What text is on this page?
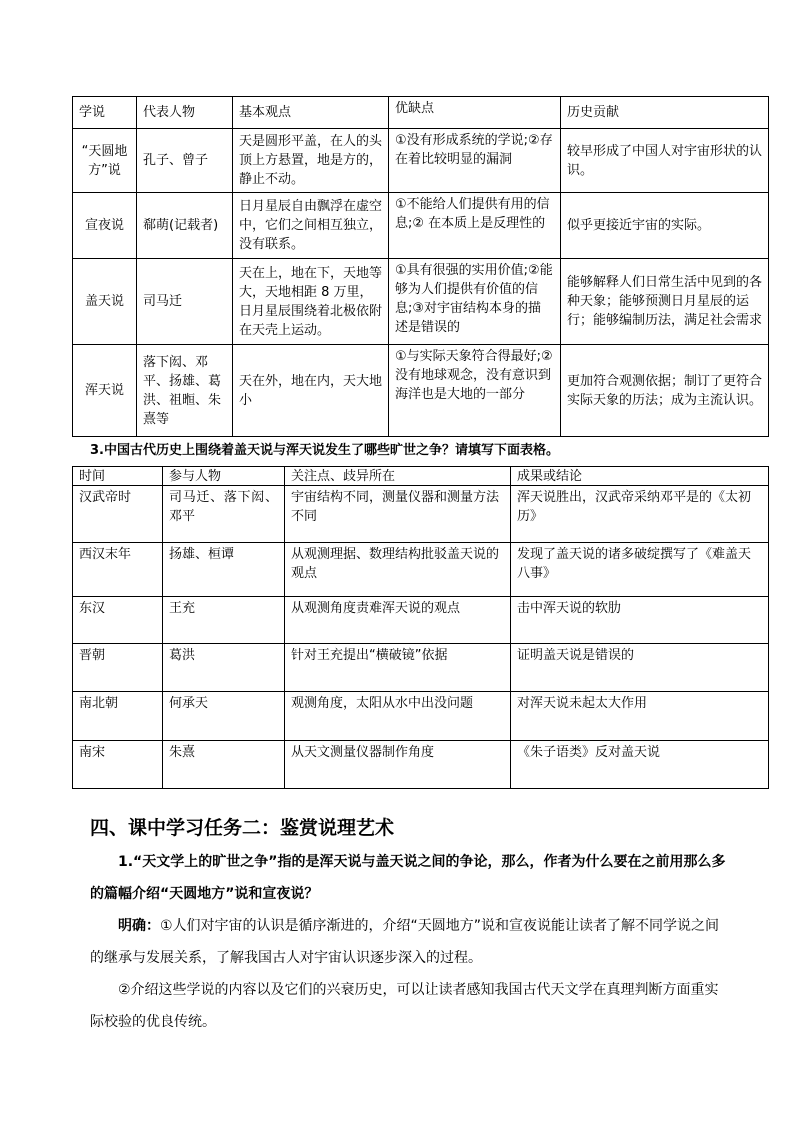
学说	代表人物	基本观点	优缺点	历史贡献
“天圆地方”说	孔子、曾子	天是圆形平盖，在人的头顶上方悬置，地是方的，静止不动。	①没有形成系统的学说;②存在着比较明显的漏洞	较早形成了中国人对宇宙形状的认识。
宣夜说	郗萌(记载者)	日月星辰自由飘浮在虚空中，它们之间相互独立，没有联系。	①不能给人们提供有用的信息;② 在本质上是反理性的	似乎更接近宇宙的实际。
盖天说	司马迁	天在上，地在下，天地等大，天地相距 8 万里，日月星辰围绕着北极依附在天壳上运动。	①具有很强的实用价值;②能够为人们提供有价值的信息;③对宇宙结构本身的描述是错误的	能够解释人们日常生活中见到的各种天象；能够预测日月星辰的运行；能够编制历法，满足社会需求
浑天说	落下闳、邓平、扬雄、葛洪、祖暅、朱熹等	天在外，地在内，天大地小	①与实际天象符合得最好;② 没有地球观念，没有意识到海洋也是大地的一部分	更加符合观测依据；制订了更符合实际天象的历法；成为主流认识。
3.中国古代历史上围绕着盖天说与浑天说发生了哪些旷世之争？请填写下面表格。
时间	参与人物	关注点、歧异所在	成果或结论
汉武帝时	司马迁、落下闳、邓平	宇宙结构不同，测量仪器和测量方法不同	浑天说胜出，汉武帝采纳邓平是的《太初历》
西汉末年	扬雄、桓谭	从观测理据、数理结构批驳盖天说的观点	发现了盖天说的诸多破绽撰写了《难盖天八事》
东汉	王充	从观测角度责难浑天说的观点	击中浑天说的软肋
晋朝	葛洪	针对王充提出“横破镜”依据	证明盖天说是错误的
南北朝	何承天	观测角度，太阳从水中出没问题	对浑天说未起太大作用
南宋	朱熹	从天文测量仪器制作角度	《朱子语类》反对盖天说
四、课中学习任务二：鉴赏说理艺术
1.“天文学上的旷世之争”指的是浑天说与盖天说之间的争论，那么，作者为什么要在之前用那么多的篇幅介绍“天圆地方”说和宣夜说？
明确：①人们对宇宙的认识是循序渐进的，介绍“天圆地方”说和宣夜说能让读者了解不同学说之间的继承与发展关系，了解我国古人对宇宙认识逐步深入的过程。
②介绍这些学说的内容以及它们的兴衰历史，可以让读者感知我国古代天文学在真理判断方面重实际校验的优良传统。
